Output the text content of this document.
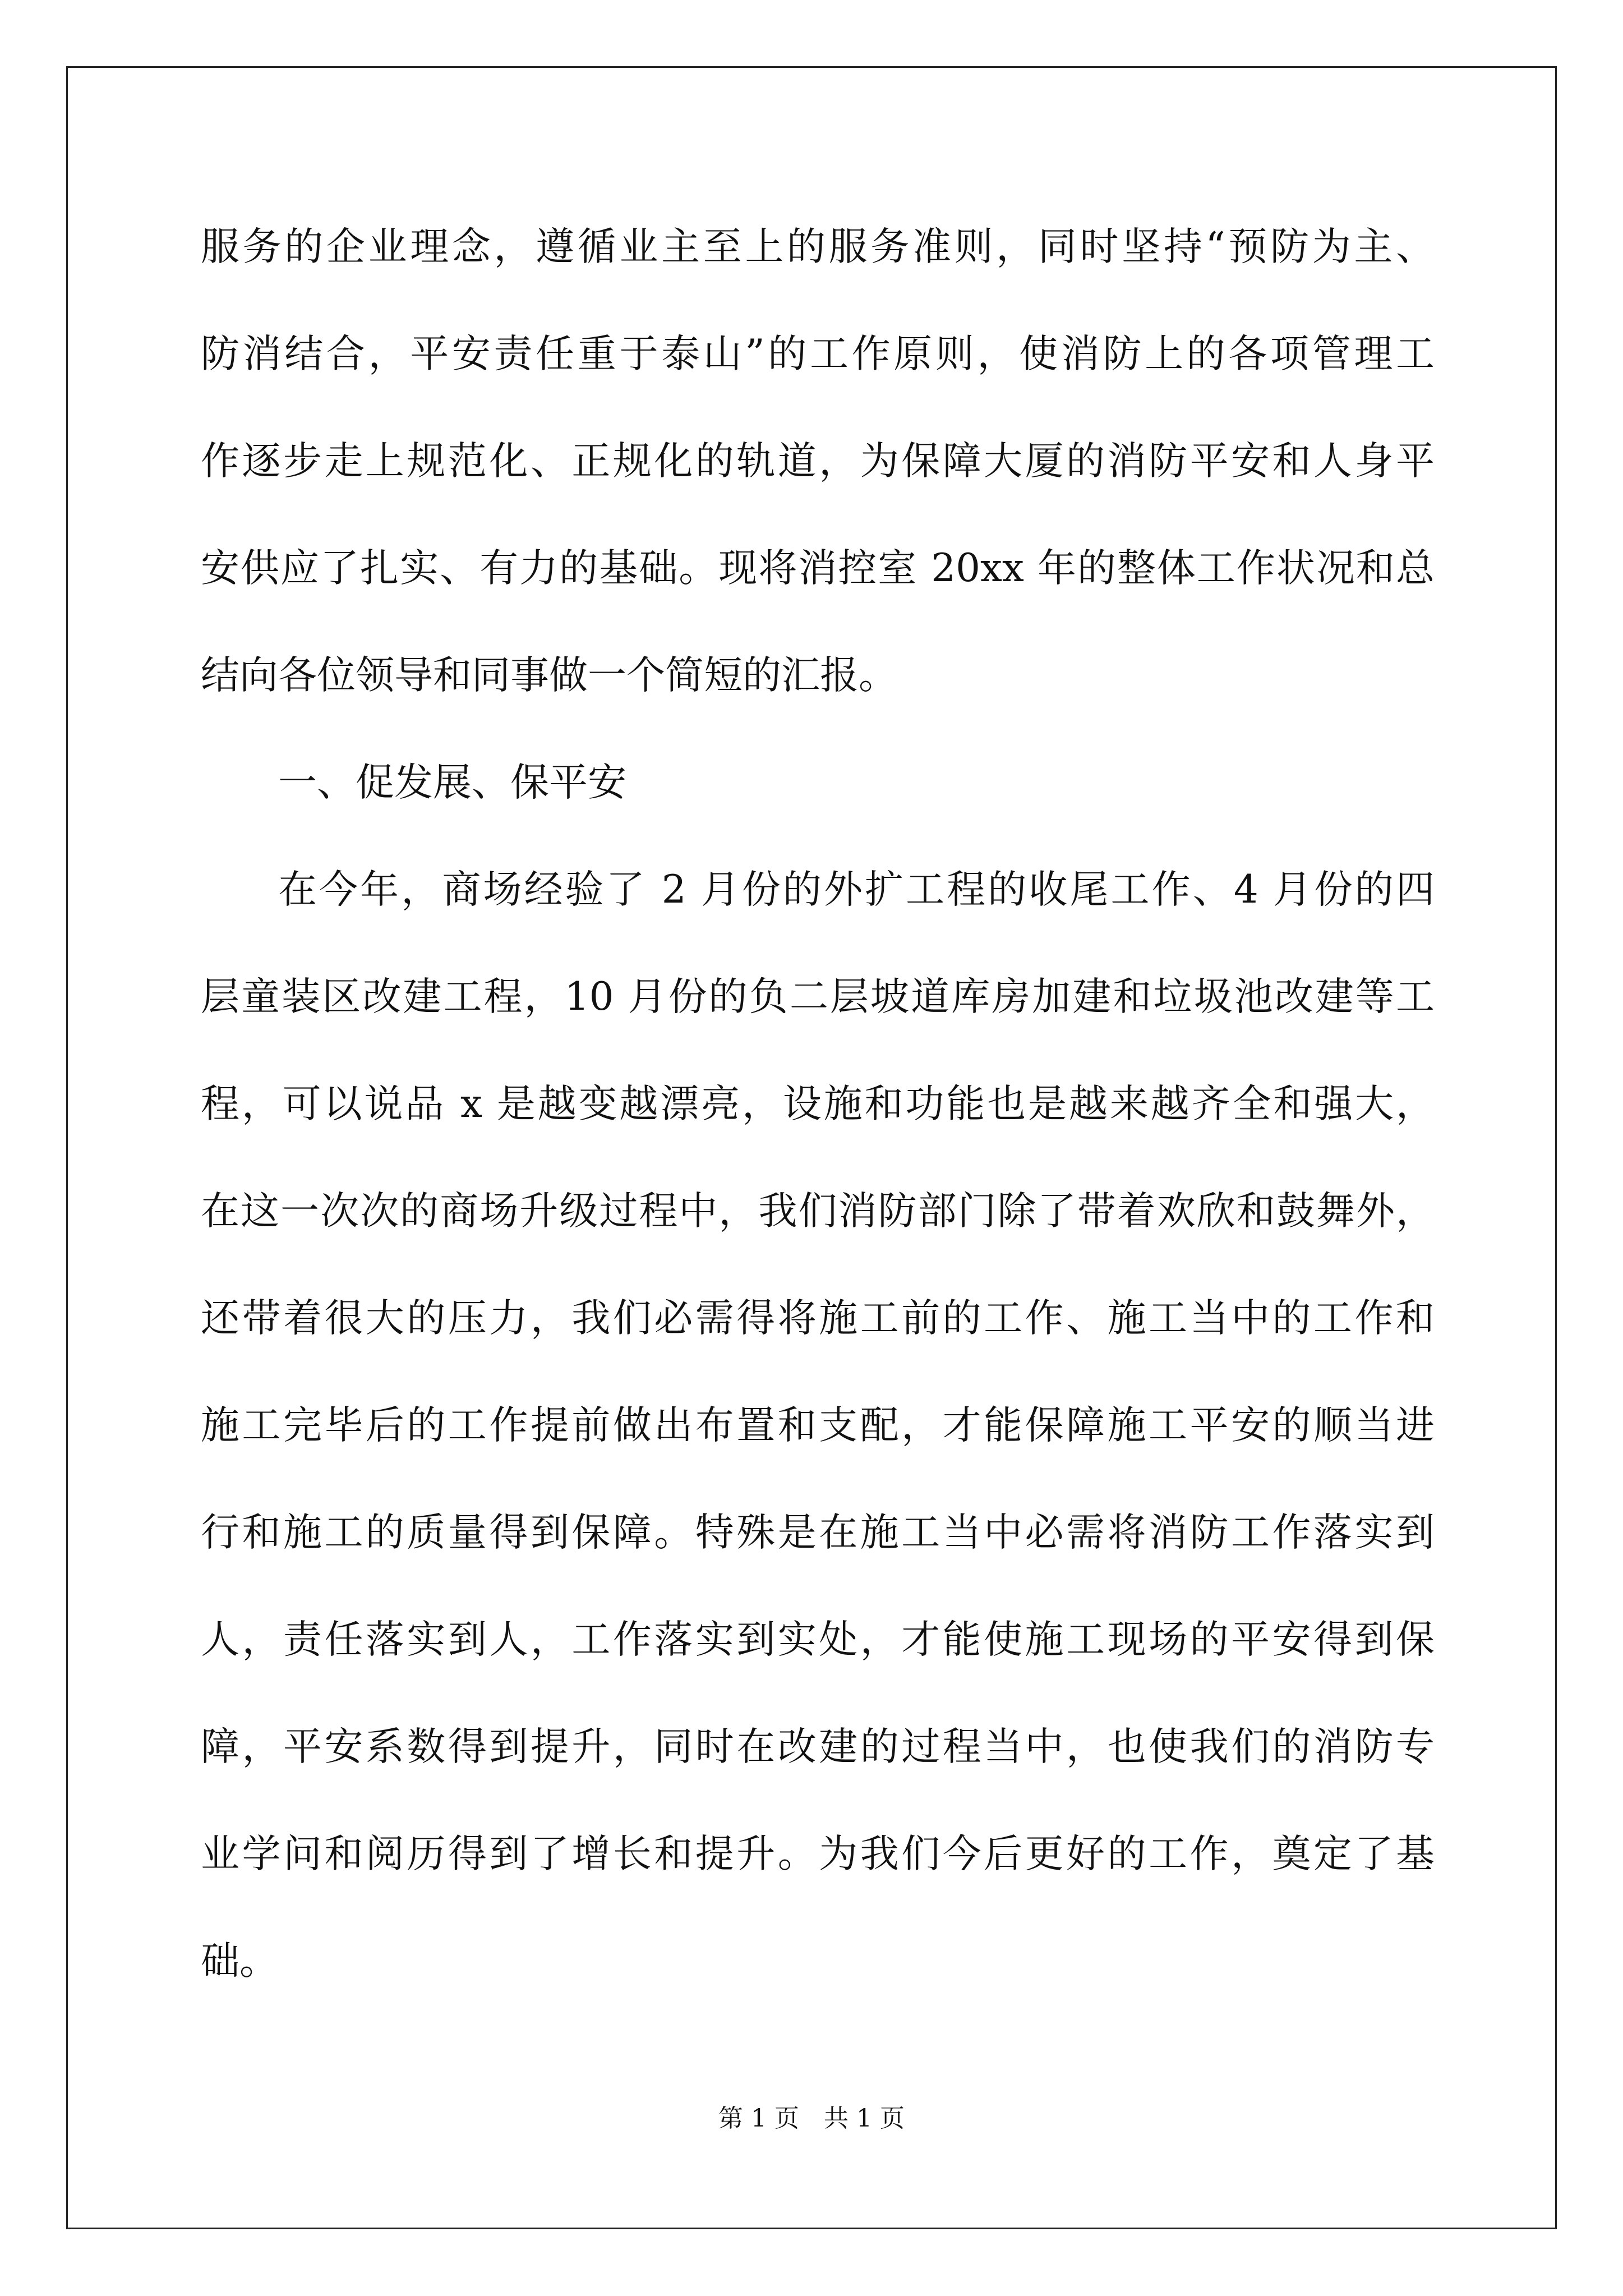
服务的企业理念，遵循业主至上的服务准则，同时坚持“预防为主、
防消结合，平安责任重于泰山”的工作原则，使消防上的各项管理工
作逐步走上规范化、正规化的轨道，为保障大厦的消防平安和人身平
安供应了扎实、有力的基础。现将消控室 20xx 年的整体工作状况和总
结向各位领导和同事做一个简短的汇报。
一、促发展、保平安
在今年，商场经验了 2 月份的外扩工程的收尾工作、4 月份的四
层童装区改建工程，10 月份的负二层坡道库房加建和垃圾池改建等工
程，可以说品 x 是越变越漂亮，设施和功能也是越来越齐全和强大，
在这一次次的商场升级过程中，我们消防部门除了带着欢欣和鼓舞外，
还带着很大的压力，我们必需得将施工前的工作、施工当中的工作和
施工完毕后的工作提前做出布置和支配，才能保障施工平安的顺当进
行和施工的质量得到保障。特殊是在施工当中必需将消防工作落实到
人，责任落实到人，工作落实到实处，才能使施工现场的平安得到保
障，平安系数得到提升，同时在改建的过程当中，也使我们的消防专
业学问和阅历得到了增长和提升。为我们今后更好的工作，奠定了基
础。
第 1 页　共 1 页
